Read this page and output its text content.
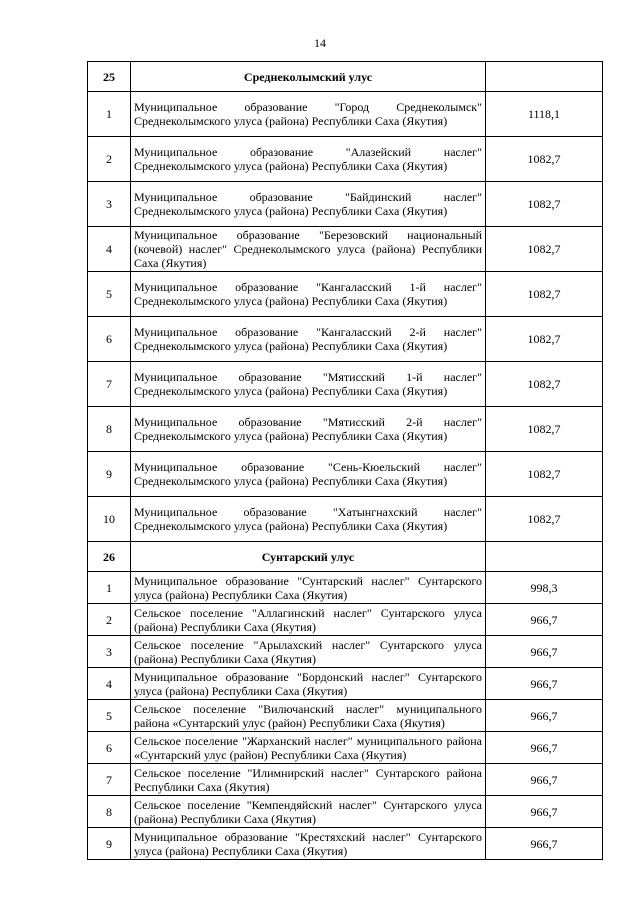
14
25	Среднеколымский улус	
1	Муниципальное образование "Город Среднеколымск" Среднеколымского улуса (района) Республики Саха (Якутия)	1118,1
2	Муниципальное образование "Алазейский наслег" Среднеколымского улуса (района) Республики Саха (Якутия)	1082,7
3	Муниципальное образование "Байдинский наслег" Среднеколымского улуса (района) Республики Саха (Якутия)	1082,7
4	Муниципальное образование "Березовский национальный (кочевой) наслег" Среднеколымского улуса (района) Республики Саха (Якутия)	1082,7
5	Муниципальное образование "Кангаласский 1-й наслег" Среднеколымского улуса (района) Республики Саха (Якутия)	1082,7
6	Муниципальное образование "Кангаласский 2-й наслег" Среднеколымского улуса (района) Республики Саха (Якутия)	1082,7
7	Муниципальное образование "Мятисский 1-й наслег" Среднеколымского улуса (района) Республики Саха (Якутия)	1082,7
8	Муниципальное образование "Мятисский 2-й наслег" Среднеколымского улуса (района) Республики Саха (Якутия)	1082,7
9	Муниципальное образование "Сень-Кюельский наслег" Среднеколымского улуса (района) Республики Саха (Якутия)	1082,7
10	Муниципальное образование "Хатынгнахский наслег" Среднеколымского улуса (района) Республики Саха (Якутия)	1082,7
26	Сунтарский улус	
1	Муниципальное образование "Сунтарский наслег" Сунтарского улуса (района) Республики Саха (Якутия)	998,3
2	Сельское поселение "Аллагинский наслег" Сунтарского улуса (района) Республики Саха (Якутия)	966,7
3	Сельское поселение "Арылахский наслег" Сунтарского улуса (района) Республики Саха (Якутия)	966,7
4	Муниципальное образование "Бордонский наслег" Сунтарского улуса (района) Республики Саха (Якутия)	966,7
5	Сельское поселение "Вилючанский наслег" муниципального района «Сунтарский улус (район) Республики Саха (Якутия)	966,7
6	Сельское поселение "Жарханский наслег" муниципального района «Сунтарский улус (район) Республики Саха (Якутия)	966,7
7	Сельское поселение "Илимнирский наслег" Сунтарского района Республики Саха (Якутия)	966,7
8	Сельское поселение "Кемпендяйский наслег" Сунтарского улуса (района) Республики Саха (Якутия)	966,7
9	Муниципальное образование "Крестяхский наслег" Сунтарского улуса (района) Республики Саха (Якутия)	966,7
